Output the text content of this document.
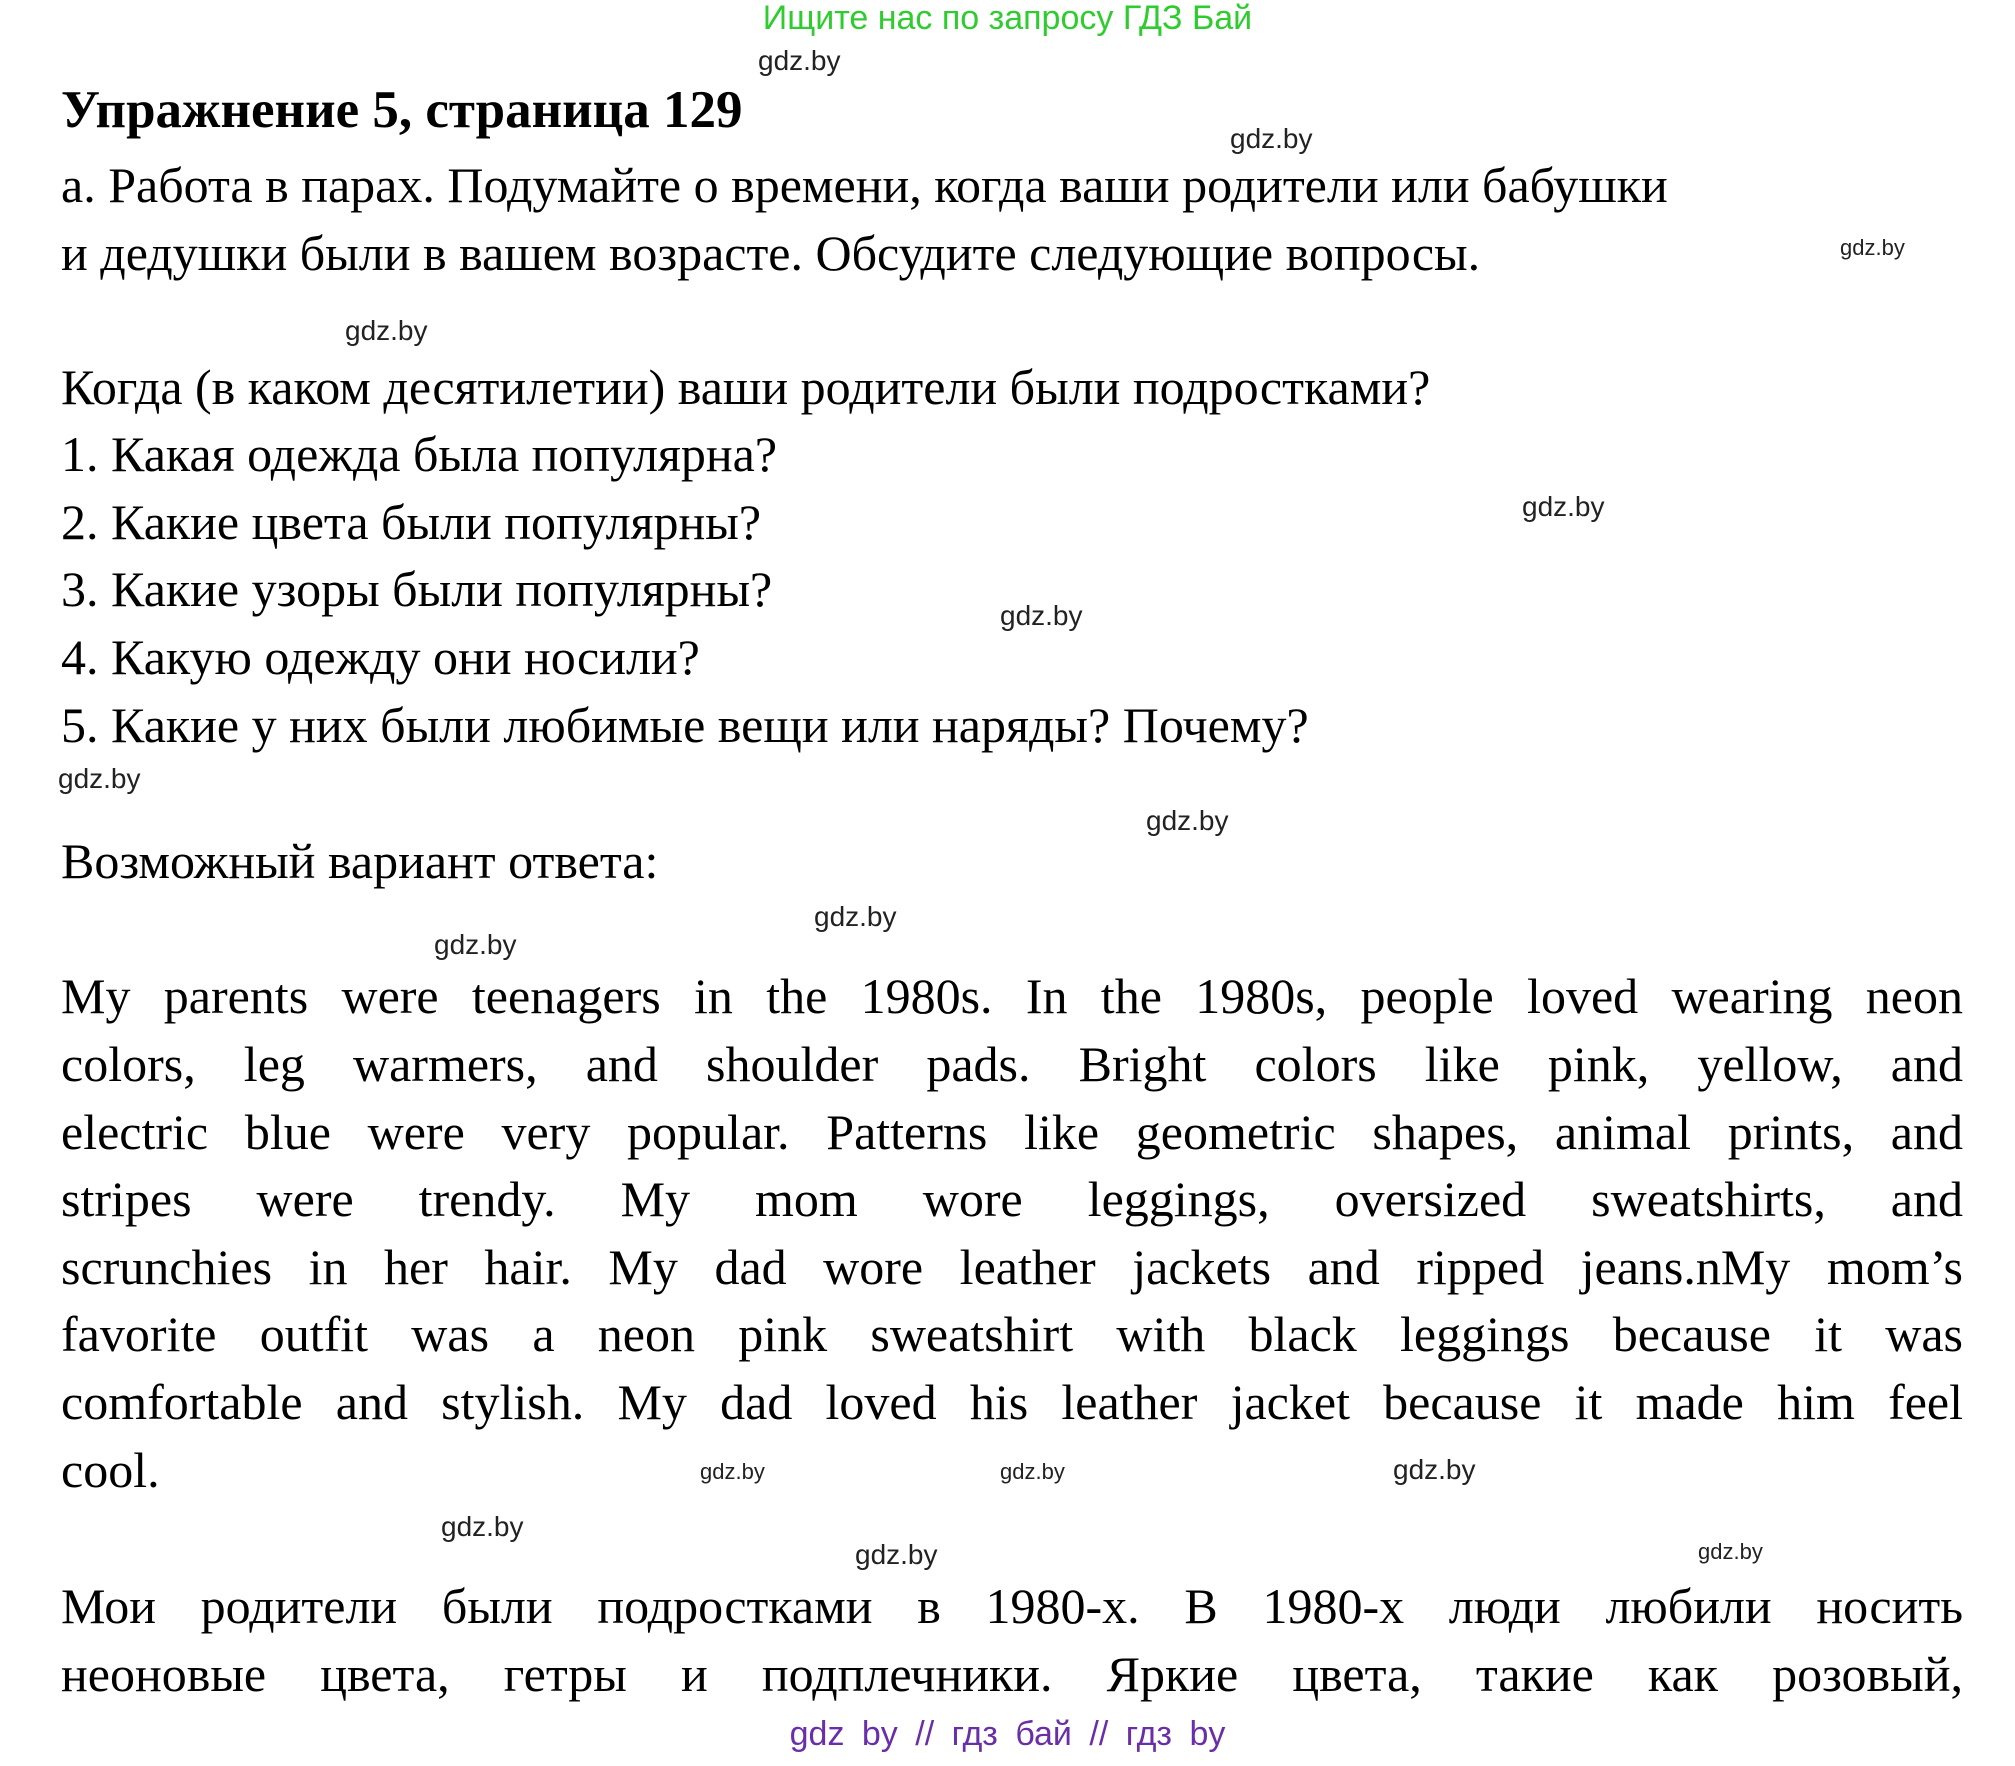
Ищите нас по запросу ГДЗ Бай
Упражнение 5, страница 129
а. Работа в парах. Подумайте о времени, когда ваши родители или бабушки
и дедушки были в вашем возрасте. Обсудите следующие вопросы.
Когда (в каком десятилетии) ваши родители были подростками?
1. Какая одежда была популярна?
2. Какие цвета были популярны?
3. Какие узоры были популярны?
4. Какую одежду они носили?
5. Какие у них были любимые вещи или наряды? Почему?
Возможный вариант ответа:
My parents were teenagers in the 1980s. In the 1980s, people loved wearing neon
colors, leg warmers, and shoulder pads. Bright colors like pink, yellow, and
electric blue were very popular. Patterns like geometric shapes, animal prints, and
stripes were trendy. My mom wore leggings, oversized sweatshirts, and
scrunchies in her hair. My dad wore leather jackets and ripped jeans.nMy mom’s
favorite outfit was a neon pink sweatshirt with black leggings because it was
comfortable and stylish. My dad loved his leather jacket because it made him feel
cool.
Мои родители были подростками в 1980-х. В 1980-х люди любили носить
неоновые цвета, гетры и подплечники. Яркие цвета, такие как розовый,
gdz.by
gdz.by
gdz.by
gdz.by
gdz.by
gdz.by
gdz.by
gdz.by
gdz.by
gdz.by
gdz.by	gdz.by	gdz.by
gdz.by
gdz.by	gdz.by
gdz by // гдз бай // гдз by
